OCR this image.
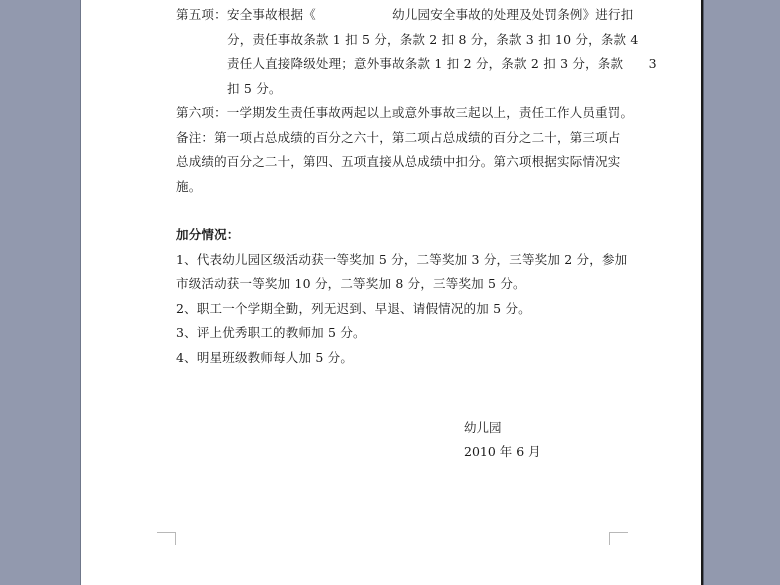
第五项： 安全事故根据《　　　　　　幼儿园安全事故的处理及处罚条例》进行扣
分，责任事故条款 1 扣 5 分，条款 2 扣 8 分，条款 3 扣 10 分，条款 4
责任人直接降级处理；意外事故条款 1 扣 2 分，条款 2 扣 3 分，条款　　3
扣 5 分。
第六项：一学期发生责任事故两起以上或意外事故三起以上，责任工作人员重罚。
备注：第一项占总成绩的百分之六十，第二项占总成绩的百分之二十，第三项占
总成绩的百分之二十，第四、五项直接从总成绩中扣分。第六项根据实际情况实
施。
加分情况：
1、代表幼儿园区级活动获一等奖加 5 分，二等奖加 3 分，三等奖加 2 分，参加
市级活动获一等奖加 10 分，二等奖加 8 分，三等奖加 5 分。
2、职工一个学期全勤，列无迟到、早退、请假情况的加 5 分。
3、评上优秀职工的教师加 5 分。
4、明星班级教师每人加 5 分。
幼儿园
2010 年 6 月
